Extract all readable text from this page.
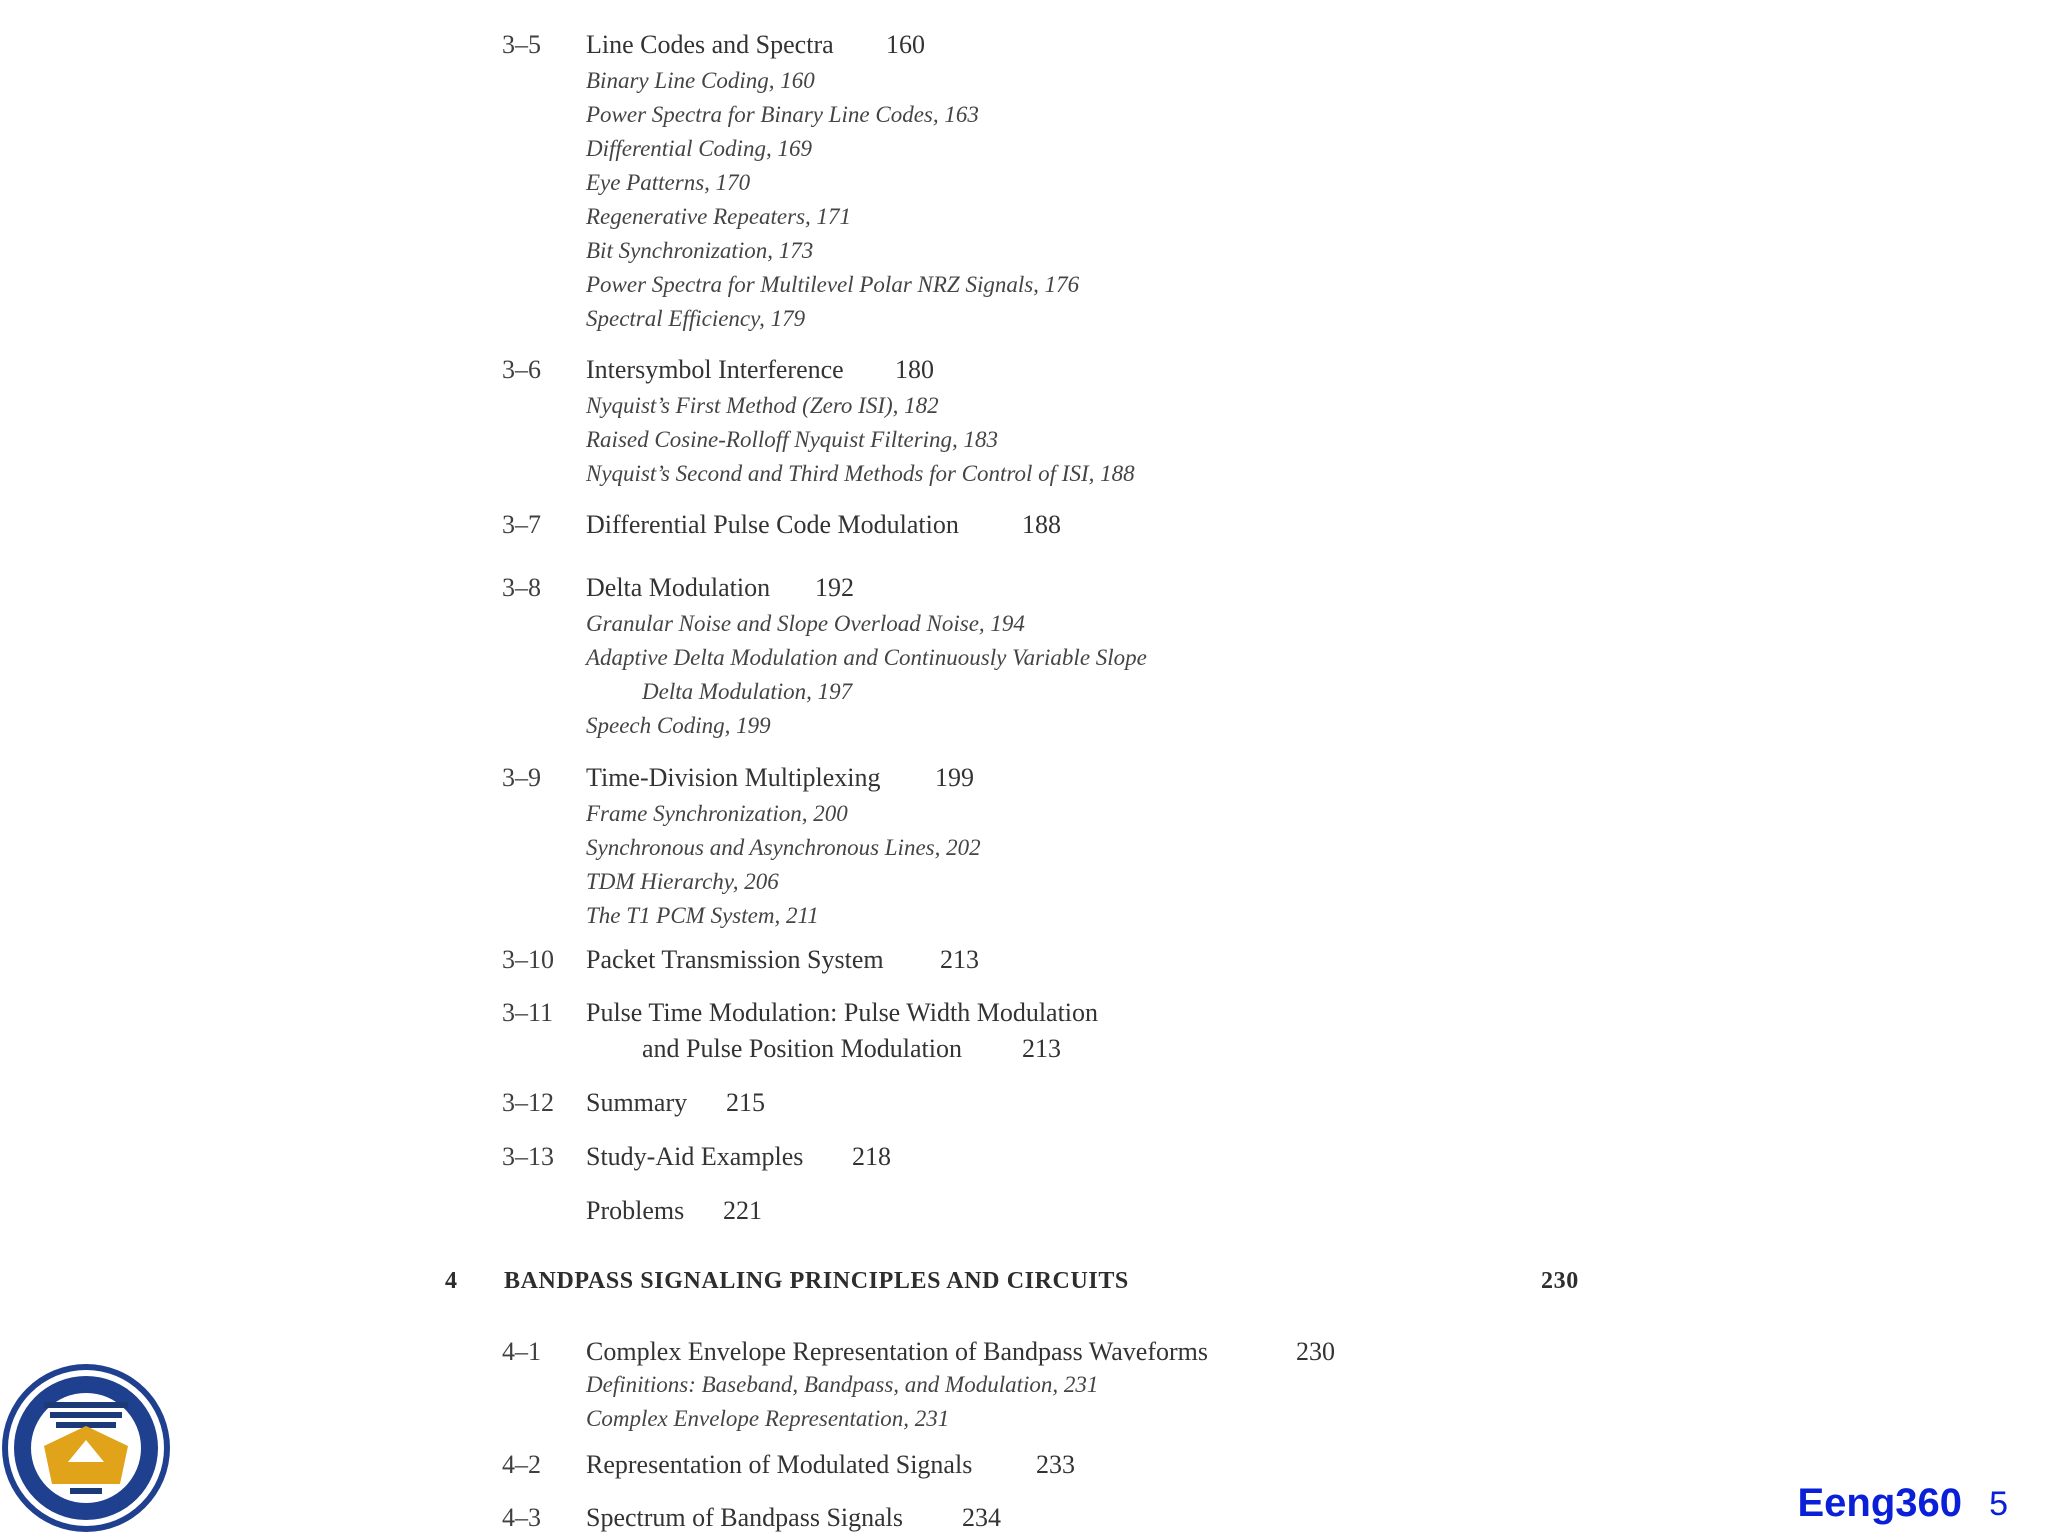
3–5 Line Codes and Spectra 160
Binary Line Coding, 160
Power Spectra for Binary Line Codes, 163
Differential Coding, 169
Eye Patterns, 170
Regenerative Repeaters, 171
Bit Synchronization, 173
Power Spectra for Multilevel Polar NRZ Signals, 176
Spectral Efficiency, 179
3–6 Intersymbol Interference 180
Nyquist’s First Method (Zero ISI), 182
Raised Cosine-Rolloff Nyquist Filtering, 183
Nyquist’s Second and Third Methods for Control of ISI, 188
3–7 Differential Pulse Code Modulation 188
3–8 Delta Modulation 192
Granular Noise and Slope Overload Noise, 194
Adaptive Delta Modulation and Continuously Variable Slope
Delta Modulation, 197
Speech Coding, 199
3–9 Time-Division Multiplexing 199
Frame Synchronization, 200
Synchronous and Asynchronous Lines, 202
TDM Hierarchy, 206
The T1 PCM System, 211
3–10 Packet Transmission System 213
3–11 Pulse Time Modulation: Pulse Width Modulation
and Pulse Position Modulation 213
3–12 Summary 215
3–13 Study-Aid Examples 218
Problems 221
4 BANDPASS SIGNALING PRINCIPLES AND CIRCUITS	230
4–1 Complex Envelope Representation of Bandpass Waveforms	230
Definitions: Baseband, Bandpass, and Modulation, 231
Complex Envelope Representation, 231
4–2 Representation of Modulated Signals 233
4–3 Spectrum of Bandpass Signals 234	Eeng360 5
